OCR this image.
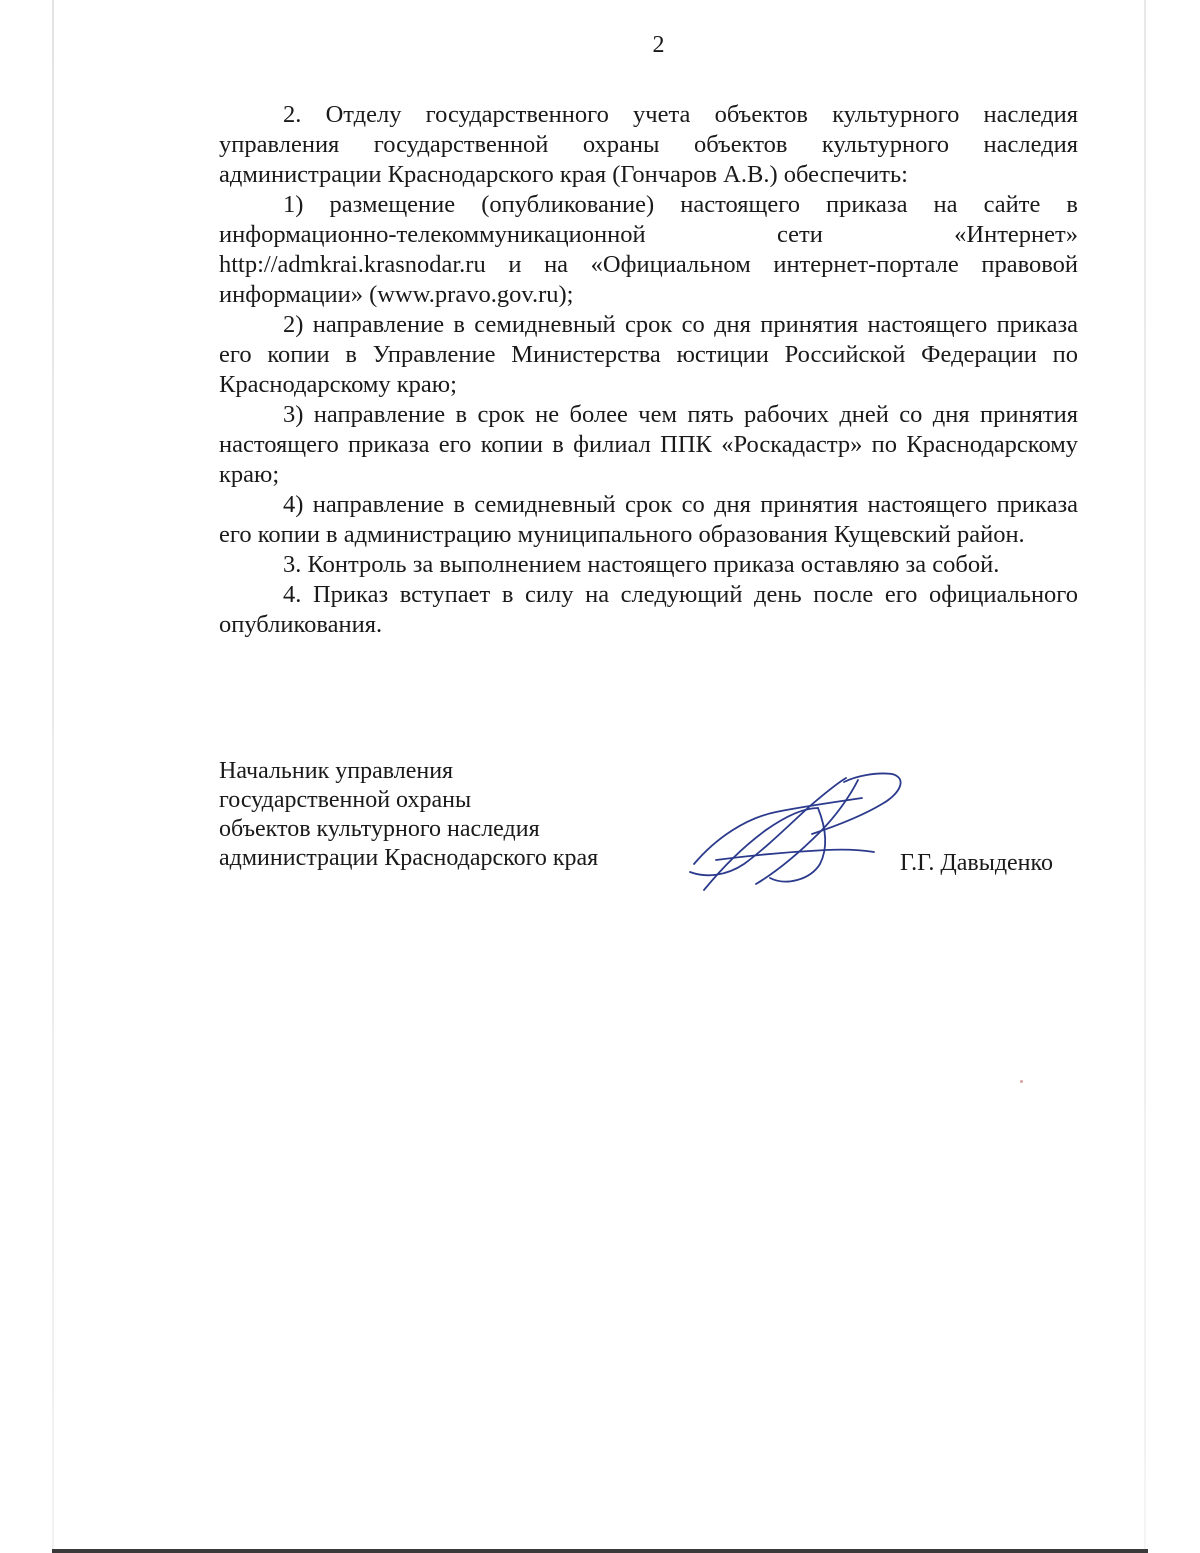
2

2. Отделу государственного учета объектов культурного наследия управления государственной охраны объектов культурного наследия администрации Краснодарского края (Гончаров А.В.) обеспечить:

1) размещение (опубликование) настоящего приказа на сайте в информационно-телекоммуникационной сети «Интернет» http://admkrai.krasnodar.ru и на «Официальном интернет-портале правовой информации» (www.pravo.gov.ru);

2) направление в семидневный срок со дня принятия настоящего приказа его копии в Управление Министерства юстиции Российской Федерации по Краснодарскому краю;

3) направление в срок не более чем пять рабочих дней со дня принятия настоящего приказа его копии в филиал ППК «Роскадастр» по Краснодарскому краю;

4) направление в семидневный срок со дня принятия настоящего приказа его копии в администрацию муниципального образования Кущевский район.

3. Контроль за выполнением настоящего приказа оставляю за собой.

4. Приказ вступает в силу на следующий день после его официального опубликования.

Начальник управления
государственной охраны
объектов культурного наследия
администрации Краснодарского края	Г.Г. Давыденко
